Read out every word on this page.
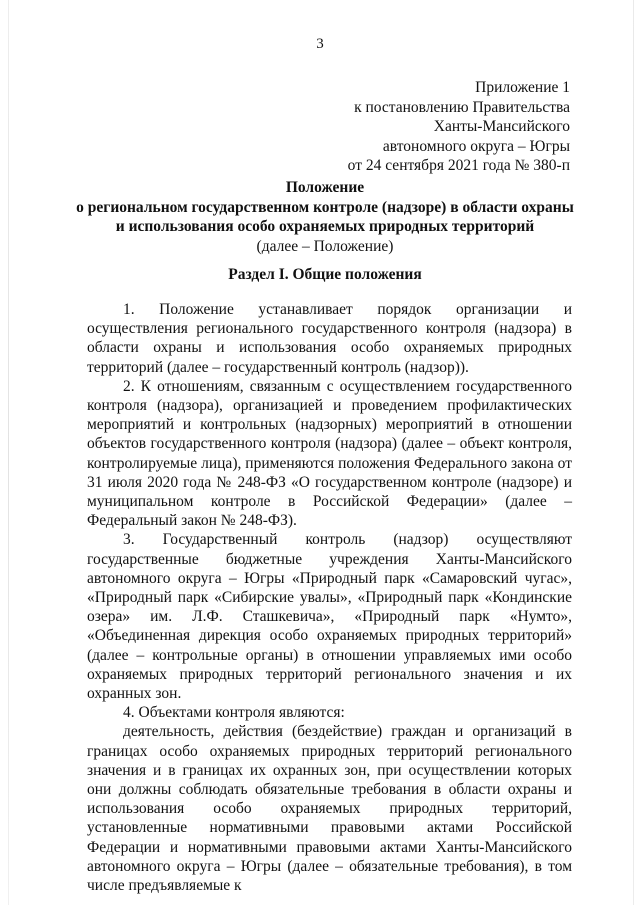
3
Приложение 1
к постановлению Правительства
Ханты-Мансийского
автономного округа – Югры
от 24 сентября 2021 года № 380-п
Положение
о региональном государственном контроле (надзоре) в области охраны
и использования особо охраняемых природных территорий
(далее – Положение)
Раздел I. Общие положения

1. Положение устанавливает порядок организации и осуществления регионального государственного контроля (надзора) в области охраны и использования особо охраняемых природных территорий (далее – государственный контроль (надзор)).

2. К отношениям, связанным с осуществлением государственного контроля (надзора), организацией и проведением профилактических мероприятий и контрольных (надзорных) мероприятий в отношении объектов государственного контроля (надзора) (далее – объект контроля, контролируемые лица), применяются положения Федерального закона от 31 июля 2020 года № 248-ФЗ «О государственном контроле (надзоре) и муниципальном контроле в Российской Федерации» (далее – Федеральный закон № 248-ФЗ).

3. Государственный контроль (надзор) осуществляют государственные бюджетные учреждения Ханты-Мансийского автономного округа – Югры «Природный парк «Самаровский чугас», «Природный парк «Сибирские увалы», «Природный парк «Кондинские озера» им. Л.Ф. Сташкевича», «Природный парк «Нумто», «Объединенная дирекция особо охраняемых природных территорий» (далее – контрольные органы) в отношении управляемых ими особо охраняемых природных территорий регионального значения и их охранных зон.

4. Объектами контроля являются:

деятельность, действия (бездействие) граждан и организаций в границах особо охраняемых природных территорий регионального значения и в границах их охранных зон, при осуществлении которых они должны соблюдать обязательные требования в области охраны и использования особо охраняемых природных территорий, установленные нормативными правовыми актами Российской Федерации и нормативными правовыми актами Ханты-Мансийского автономного округа – Югры (далее – обязательные требования), в том числе предъявляемые к
